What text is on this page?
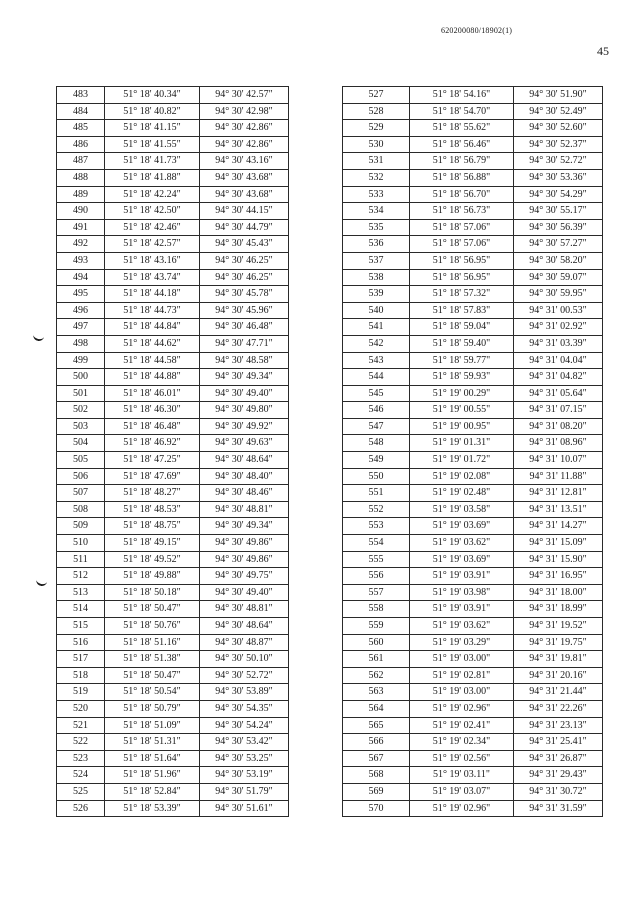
620200080/18902(1)
45
483	51° 18' 40.34"	94° 30' 42.57"
484	51° 18' 40.82"	94° 30' 42.98"
485	51° 18' 41.15"	94° 30' 42.86"
486	51° 18' 41.55"	94° 30' 42.86"
487	51° 18' 41.73"	94° 30' 43.16"
488	51° 18' 41.88"	94° 30' 43.68"
489	51° 18' 42.24"	94° 30' 43.68"
490	51° 18' 42.50"	94° 30' 44.15"
491	51° 18' 42.46"	94° 30' 44.79"
492	51° 18' 42.57"	94° 30' 45.43"
493	51° 18' 43.16"	94° 30' 46.25"
494	51° 18' 43.74"	94° 30' 46.25"
495	51° 18' 44.18"	94° 30' 45.78"
496	51° 18' 44.73"	94° 30' 45.96"
497	51° 18' 44.84"	94° 30' 46.48"
498	51° 18' 44.62"	94° 30' 47.71"
499	51° 18' 44.58"	94° 30' 48.58"
500	51° 18' 44.88"	94° 30' 49.34"
501	51° 18' 46.01"	94° 30' 49.40"
502	51° 18' 46.30"	94° 30' 49.80"
503	51° 18' 46.48"	94° 30' 49.92"
504	51° 18' 46.92"	94° 30' 49.63"
505	51° 18' 47.25"	94° 30' 48.64"
506	51° 18' 47.69"	94° 30' 48.40"
507	51° 18' 48.27"	94° 30' 48.46"
508	51° 18' 48.53"	94° 30' 48.81"
509	51° 18' 48.75"	94° 30' 49.34"
510	51° 18' 49.15"	94° 30' 49.86"
511	51° 18' 49.52"	94° 30' 49.86"
512	51° 18' 49.88"	94° 30' 49.75"
513	51° 18' 50.18"	94° 30' 49.40"
514	51° 18' 50.47"	94° 30' 48.81"
515	51° 18' 50.76"	94° 30' 48.64"
516	51° 18' 51.16"	94° 30' 48.87"
517	51° 18' 51.38"	94° 30' 50.10"
518	51° 18' 50.47"	94° 30' 52.72"
519	51° 18' 50.54"	94° 30' 53.89"
520	51° 18' 50.79"	94° 30' 54.35"
521	51° 18' 51.09"	94° 30' 54.24"
522	51° 18' 51.31"	94° 30' 53.42"
523	51° 18' 51.64"	94° 30' 53.25"
524	51° 18' 51.96"	94° 30' 53.19"
525	51° 18' 52.84"	94° 30' 51.79"
526	51° 18' 53.39"	94° 30' 51.61"
527	51° 18' 54.16"	94° 30' 51.90"
528	51° 18' 54.70"	94° 30' 52.49"
529	51° 18' 55.62"	94° 30' 52.60"
530	51° 18' 56.46"	94° 30' 52.37"
531	51° 18' 56.79"	94° 30' 52.72"
532	51° 18' 56.88"	94° 30' 53.36"
533	51° 18' 56.70"	94° 30' 54.29"
534	51° 18' 56.73"	94° 30' 55.17"
535	51° 18' 57.06"	94° 30' 56.39"
536	51° 18' 57.06"	94° 30' 57.27"
537	51° 18' 56.95"	94° 30' 58.20"
538	51° 18' 56.95"	94° 30' 59.07"
539	51° 18' 57.32"	94° 30' 59.95"
540	51° 18' 57.83"	94° 31' 00.53"
541	51° 18' 59.04"	94° 31' 02.92"
542	51° 18' 59.40"	94° 31' 03.39"
543	51° 18' 59.77"	94° 31' 04.04"
544	51° 18' 59.93"	94° 31' 04.82"
545	51° 19' 00.29"	94° 31' 05.64"
546	51° 19' 00.55"	94° 31' 07.15"
547	51° 19' 00.95"	94° 31' 08.20"
548	51° 19' 01.31"	94° 31' 08.96"
549	51° 19' 01.72"	94° 31' 10.07"
550	51° 19' 02.08"	94° 31' 11.88"
551	51° 19' 02.48"	94° 31' 12.81"
552	51° 19' 03.58"	94° 31' 13.51"
553	51° 19' 03.69"	94° 31' 14.27"
554	51° 19' 03.62"	94° 31' 15.09"
555	51° 19' 03.69"	94° 31' 15.90"
556	51° 19' 03.91"	94° 31' 16.95"
557	51° 19' 03.98"	94° 31' 18.00"
558	51° 19' 03.91"	94° 31' 18.99"
559	51° 19' 03.62"	94° 31' 19.52"
560	51° 19' 03.29"	94° 31' 19.75"
561	51° 19' 03.00"	94° 31' 19.81"
562	51° 19' 02.81"	94° 31' 20.16"
563	51° 19' 03.00"	94° 31' 21.44"
564	51° 19' 02.96"	94° 31' 22.26"
565	51° 19' 02.41"	94° 31' 23.13"
566	51° 19' 02.34"	94° 31' 25.41"
567	51° 19' 02.56"	94° 31' 26.87"
568	51° 19' 03.11"	94° 31' 29.43"
569	51° 19' 03.07"	94° 31' 30.72"
570	51° 19' 02.96"	94° 31' 31.59"
